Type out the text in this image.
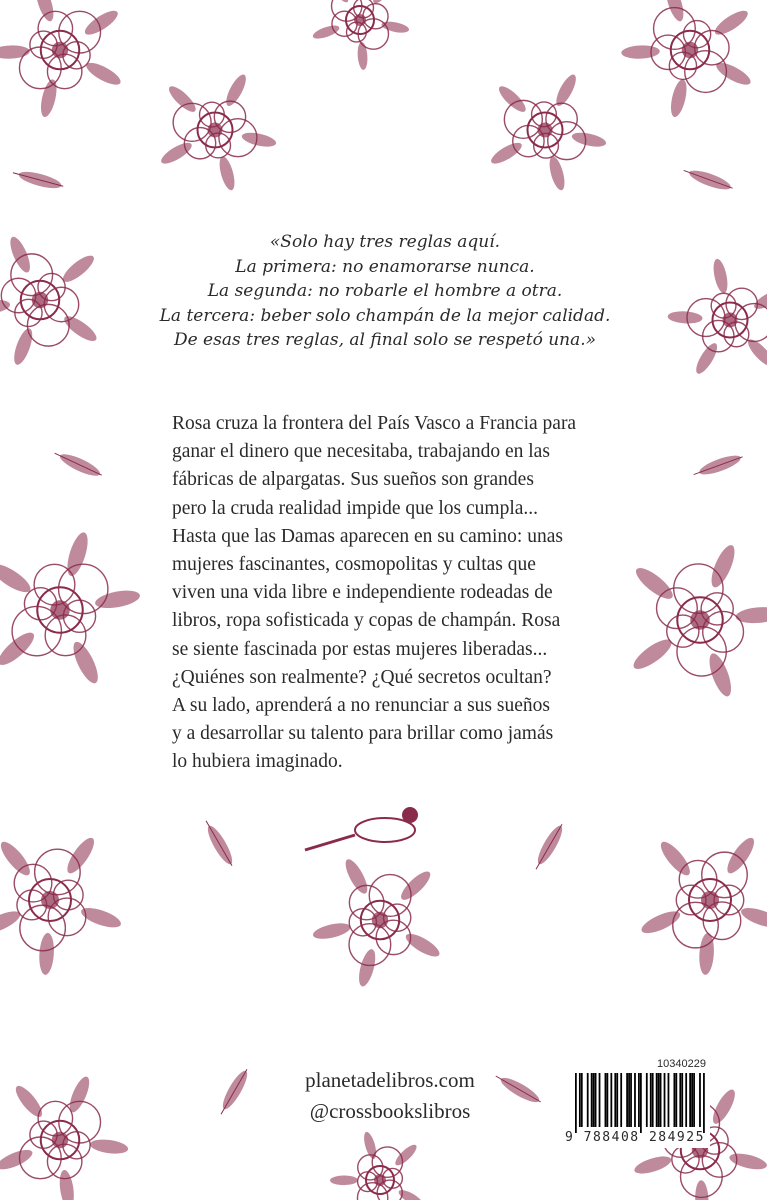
«Solo hay tres reglas aquí.
La primera: no enamorarse nunca.
La segunda: no robarle el hombre a otra.
La tercera: beber solo champán de la mejor calidad.
De esas tres reglas, al final solo se respetó una.»
Rosa cruza la frontera del País Vasco a Francia para
ganar el dinero que necesitaba, trabajando en las
fábricas de alpargatas. Sus sueños son grandes
pero la cruda realidad impide que los cumpla...
Hasta que las Damas aparecen en su camino: unas
mujeres fascinantes, cosmopolitas y cultas que
viven una vida libre e independiente rodeadas de
libros, ropa sofisticada y copas de champán. Rosa
se siente fascinada por estas mujeres liberadas...
¿Quiénes son realmente? ¿Qué secretos ocultan?
A su lado, aprenderá a no renunciar a sus sueños
y a desarrollar su talento para brillar como jamás
lo hubiera imaginado.
planetadelibros.com
@crossbookslibros
10340229
9 788408 284925
